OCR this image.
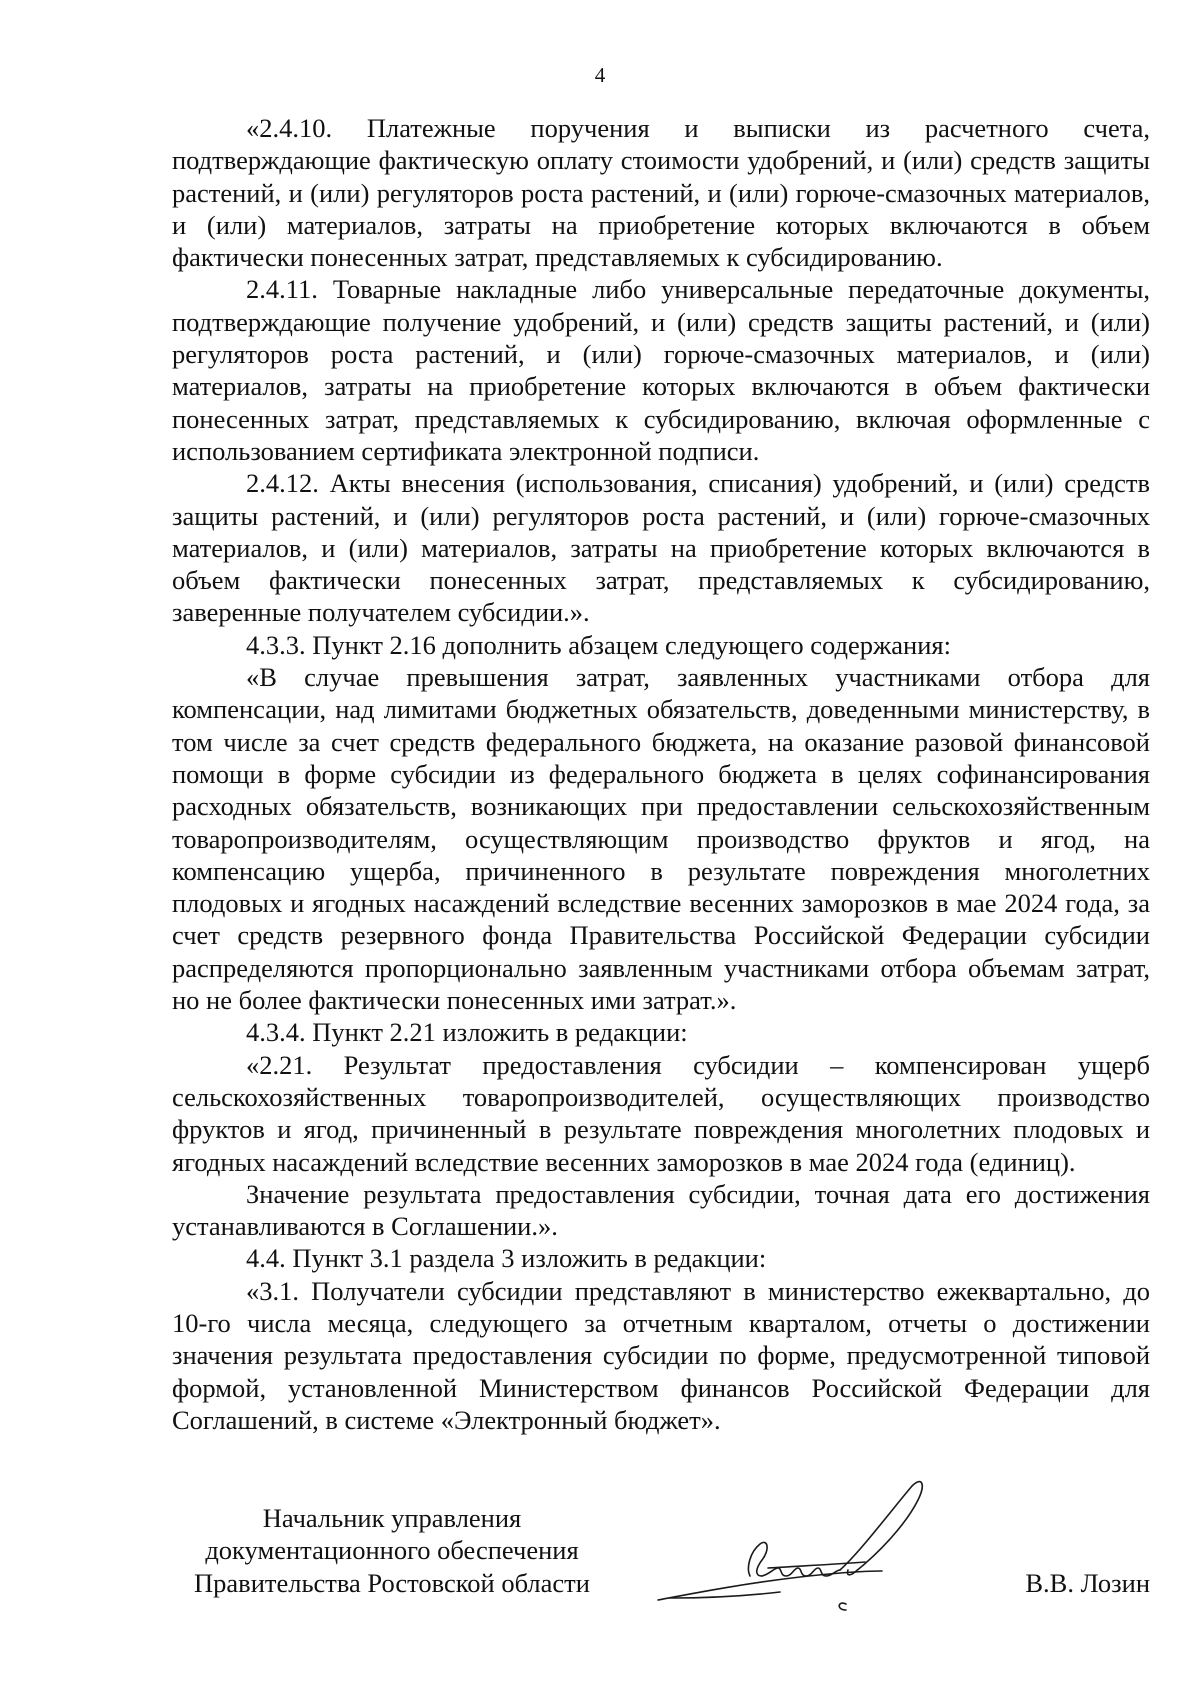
4

«2.4.10. Платежные поручения и выписки из расчетного счета, подтверждающие фактическую оплату стоимости удобрений, и (или) средств защиты растений, и (или) регуляторов роста растений, и (или) горюче-смазочных материалов, и (или) материалов, затраты на приобретение которых включаются в объем фактически понесенных затрат, представляемых к субсидированию.

2.4.11. Товарные накладные либо универсальные передаточные документы, подтверждающие получение удобрений, и (или) средств защиты растений, и (или) регуляторов роста растений, и (или) горюче-смазочных материалов, и (или) материалов, затраты на приобретение которых включаются в объем фактически понесенных затрат, представляемых к субсидированию, включая оформленные с использованием сертификата электронной подписи.

2.4.12. Акты внесения (использования, списания) удобрений, и (или) средств защиты растений, и (или) регуляторов роста растений, и (или) горюче-смазочных материалов, и (или) материалов, затраты на приобретение которых включаются в объем фактически понесенных затрат, представляемых к субсидированию, заверенные получателем субсидии.».

4.3.3. Пункт 2.16 дополнить абзацем следующего содержания:

«В случае превышения затрат, заявленных участниками отбора для компенсации, над лимитами бюджетных обязательств, доведенными министерству, в том числе за счет средств федерального бюджета, на оказание разовой финансовой помощи в форме субсидии из федерального бюджета в целях софинансирования расходных обязательств, возникающих при предоставлении сельскохозяйственным товаропроизводителям, осуществляющим производство фруктов и ягод, на компенсацию ущерба, причиненного в результате повреждения многолетних плодовых и ягодных насаждений вследствие весенних заморозков в мае 2024 года, за счет средств резервного фонда Правительства Российской Федерации субсидии распределяются пропорционально заявленным участниками отбора объемам затрат, но не более фактически понесенных ими затрат.».

4.3.4. Пункт 2.21 изложить в редакции:

«2.21. Результат предоставления субсидии – компенсирован ущерб сельскохозяйственных товаропроизводителей, осуществляющих производство фруктов и ягод, причиненный в результате повреждения многолетних плодовых и ягодных насаждений вследствие весенних заморозков в мае 2024 года (единиц).

Значение результата предоставления субсидии, точная дата его достижения устанавливаются в Соглашении.».

4.4. Пункт 3.1 раздела 3 изложить в редакции:

«3.1. Получатели субсидии представляют в министерство ежеквартально, до 10-го числа месяца, следующего за отчетным кварталом, отчеты о достижении значения результата предоставления субсидии по форме, предусмотренной типовой формой, установленной Министерством финансов Российской Федерации для Соглашений, в системе «Электронный бюджет».

Начальник управления
документационного обеспечения
Правительства Ростовской области	В.В. Лозин
